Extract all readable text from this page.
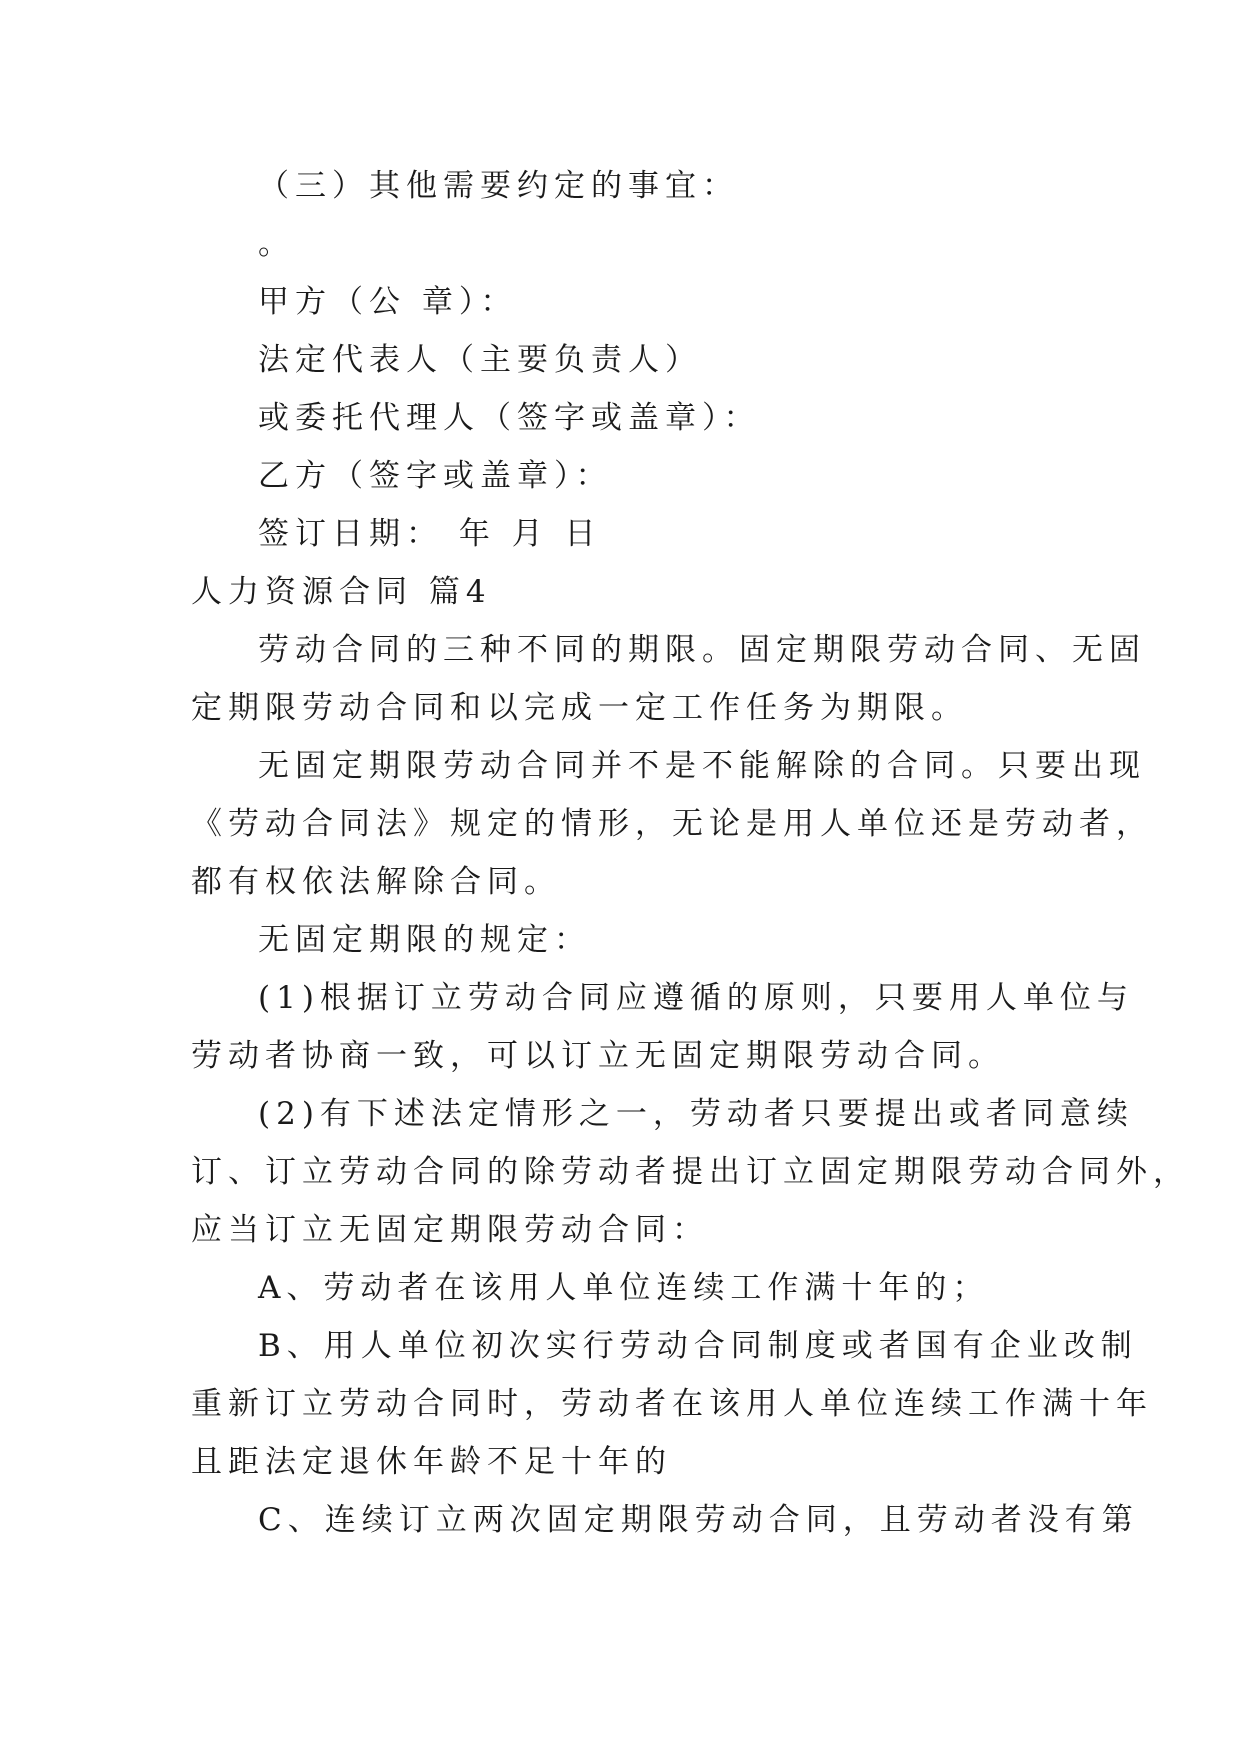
（三）其他需要约定的事宜：
。
甲方（公 章）：
法定代表人（主要负责人）
或委托代理人（签字或盖章）：
乙方（签字或盖章）：
签订日期： 年 月 日
人力资源合同 篇4
劳动合同的三种不同的期限。固定期限劳动合同、无固
定期限劳动合同和以完成一定工作任务为期限。
无固定期限劳动合同并不是不能解除的合同。只要出现
《劳动合同法》规定的情形，无论是用人单位还是劳动者，
都有权依法解除合同。
无固定期限的规定：
(1)根据订立劳动合同应遵循的原则，只要用人单位与
劳动者协商一致，可以订立无固定期限劳动合同。
(2)有下述法定情形之一，劳动者只要提出或者同意续
订、订立劳动合同的除劳动者提出订立固定期限劳动合同外，
应当订立无固定期限劳动合同：
A、劳动者在该用人单位连续工作满十年的；
B、用人单位初次实行劳动合同制度或者国有企业改制
重新订立劳动合同时，劳动者在该用人单位连续工作满十年
且距法定退休年龄不足十年的
C、连续订立两次固定期限劳动合同，且劳动者没有第
